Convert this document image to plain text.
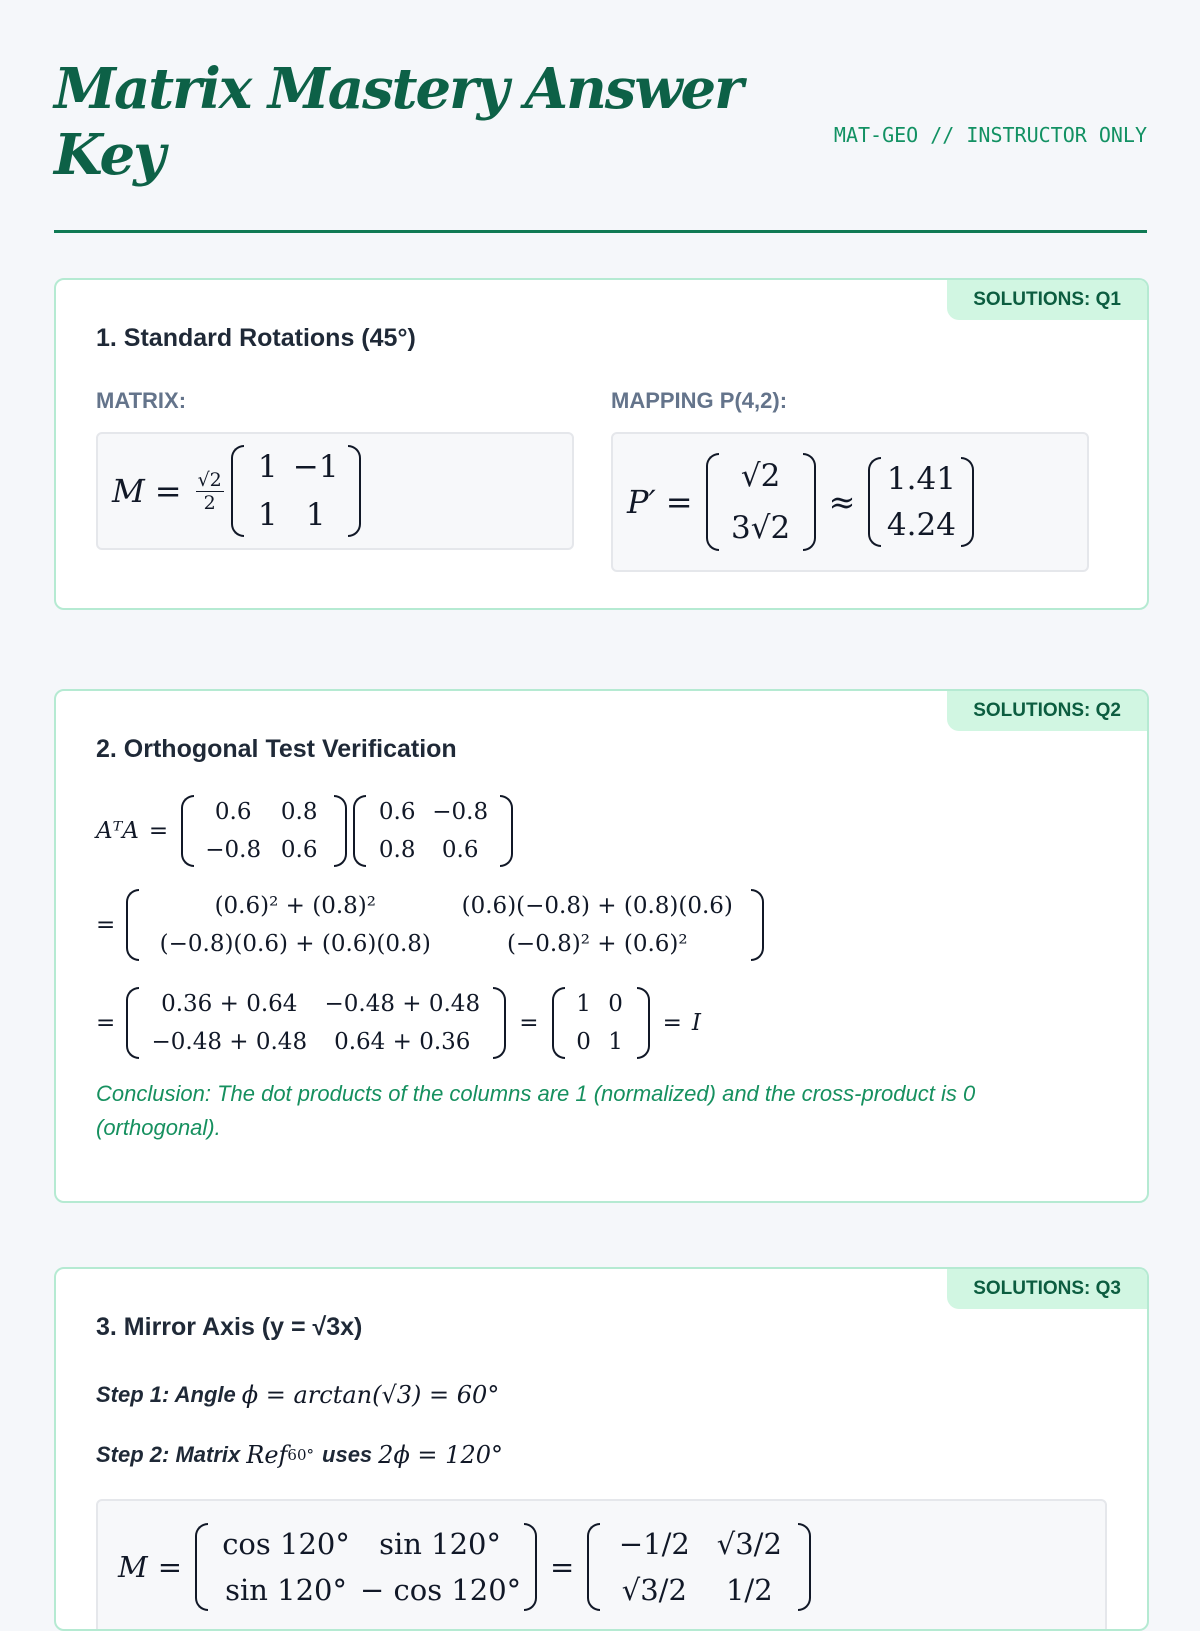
Matrix Mastery Answer Key	MAT-GEO // INSTRUCTOR ONLY
SOLUTIONS: Q1
1. Standard Rotations (45°)
MATRIX:	MAPPING P(4,2):
$M = \frac{√2}{2}$
1 −1
1 1	P′ =
√2
3√2
≈
1.41
4.24
SOLUTIONS: Q2
2. Orthogonal Test Verification
AᵀA =
0.6	0.8
−0.8 0.6
0.6 −0.8
0.8	0.6
=
(0.6)² + (0.8)²	(0.6)(−0.8) + (0.8)(0.6)
(−0.8)(0.6) + (0.6)(0.8)	(−0.8)² + (0.6)²
=
0.36 + 0.64	−0.48 + 0.48
−0.48 + 0.48	0.64 + 0.36
=
1 0
0 1
= I
Conclusion: The dot products of the columns are 1 (normalized) and the cross-product is 0 (orthogonal).
SOLUTIONS: Q3
3. Mirror Axis (y = √3x)
Step 1: Angle ϕ = arctan(√3) = 60°
Step 2: Matrix Ref 60° uses 2ϕ = 120°
M =
cos 120°	sin 120°
sin 120° − cos 120°
=
−1/2 √3/2
√3/2	1/2
